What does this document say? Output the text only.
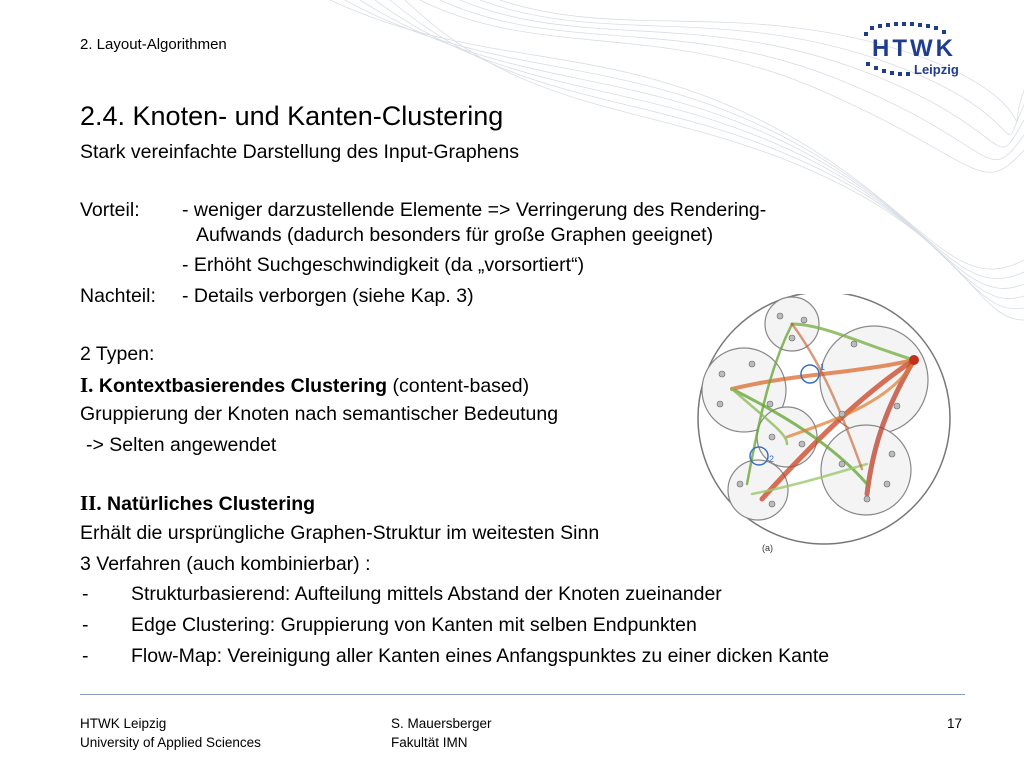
2. Layout-Algorithmen	HTWK
Leipzig
2.4. Knoten- und Kanten-Clustering
Stark vereinfachte Darstellung des Input-Graphens
Vorteil: - weniger darzustellende Elemente => Verringerung des Rendering-
Aufwands (dadurch besonders für große Graphen geeignet)
- Erhöht Suchgeschwindigkeit (da „vorsortiert“)
Nachteil: - Details verborgen (siehe Kap. 3)
2 Typen:
I. Kontextbasierendes Clustering (content-based)
Gruppierung der Knoten nach semantischer Bedeutung
-> Selten angewendet
II. Natürliches Clustering
Erhält die ursprüngliche Graphen-Struktur im weitesten Sinn
3 Verfahren (auch kombinierbar) :
- Strukturbasierend: Aufteilung mittels Abstand der Knoten zueinander
- Edge Clustering: Gruppierung von Kanten mit selben Endpunkten
- Flow-Map: Vereinigung aller Kanten eines Anfangspunktes zu einer dicken Kante
1
2
(a)
HTWK Leipzig
University of Applied Sciences
S. Mauersberger
Fakultät IMN
17
